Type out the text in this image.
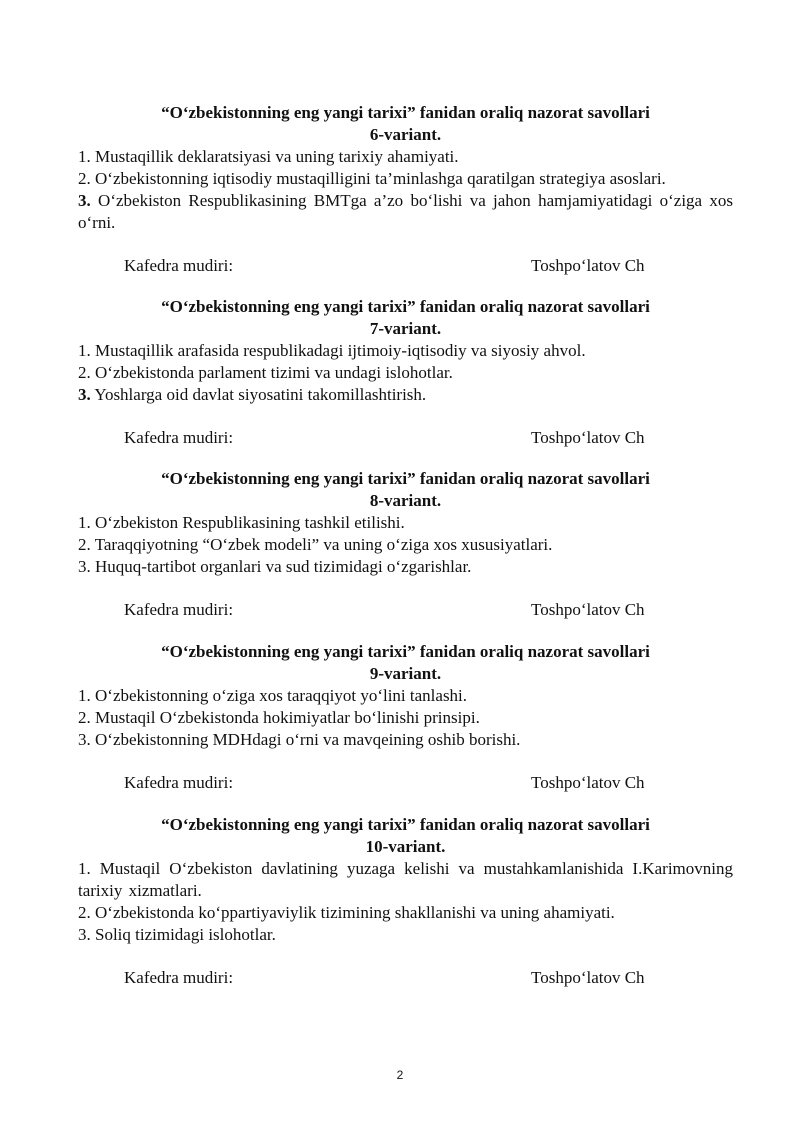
“O‘zbekistonning eng yangi tarixi” fanidan oraliq nazorat savollari
6-variant.
1. Mustaqillik deklaratsiyasi va uning tarixiy ahamiyati.
2. O‘zbekistonning iqtisodiy mustaqilligini ta’minlashga qaratilgan strategiya asoslari.
3. O‘zbekiston Respublikasining BMTga a’zo bo‘lishi va jahon hamjamiyatidagi o‘ziga xos o‘rni.
Kafedra mudiri:	Toshpo‘latov Ch
“O‘zbekistonning eng yangi tarixi” fanidan oraliq nazorat savollari
7-variant.
1. Mustaqillik arafasida respublikadagi ijtimoiy-iqtisodiy va siyosiy ahvol.
2. O‘zbekistonda parlament tizimi va undagi islohotlar.
3. Yoshlarga oid davlat siyosatini takomillashtirish.
Kafedra mudiri:	Toshpo‘latov Ch
“O‘zbekistonning eng yangi tarixi” fanidan oraliq nazorat savollari
8-variant.
1. O‘zbekiston Respublikasining tashkil etilishi.
2. Taraqqiyotning “O‘zbek modeli” va uning o‘ziga xos xususiyatlari.
3. Huquq-tartibot organlari va sud tizimidagi o‘zgarishlar.
Kafedra mudiri:	Toshpo‘latov Ch
“O‘zbekistonning eng yangi tarixi” fanidan oraliq nazorat savollari
9-variant.
1. O‘zbekistonning o‘ziga xos taraqqiyot yo‘lini tanlashi.
2. Mustaqil O‘zbekistonda hokimiyatlar bo‘linishi prinsipi.
3. O‘zbekistonning MDHdagi o‘rni va mavqeining oshib borishi.
Kafedra mudiri:	Toshpo‘latov Ch
“O‘zbekistonning eng yangi tarixi” fanidan oraliq nazorat savollari
10-variant.
1. Mustaqil O‘zbekiston davlatining yuzaga kelishi va mustahkamlanishida I.Karimovning tarixiy xizmatlari.
2. O‘zbekistonda ko‘ppartiyaviylik tizimining shakllanishi va uning ahamiyati.
3. Soliq tizimidagi islohotlar.
Kafedra mudiri:	Toshpo‘latov Ch
2
